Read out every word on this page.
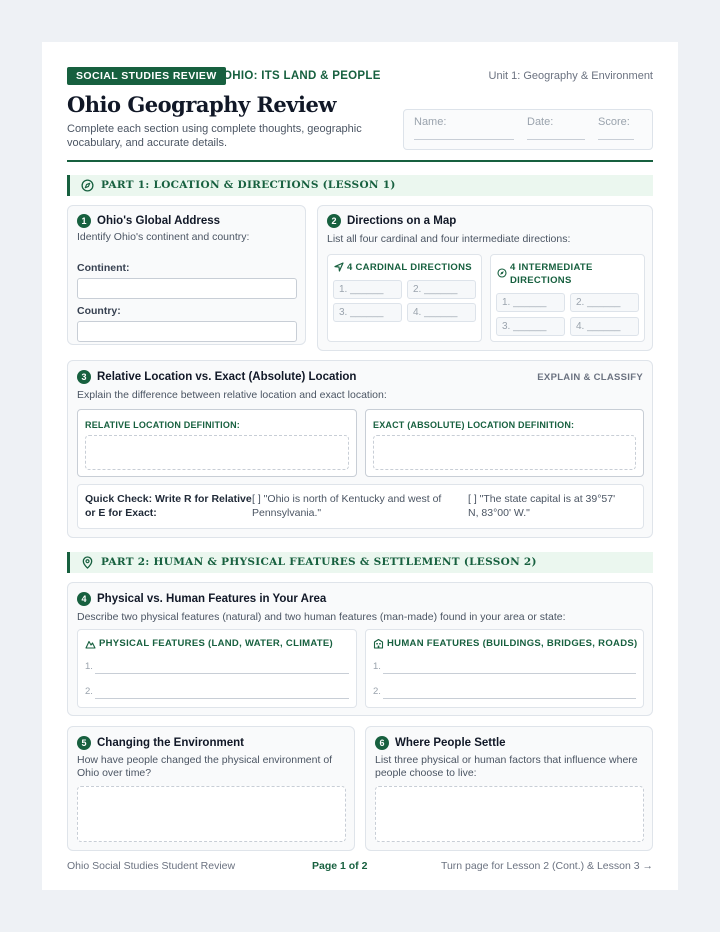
SOCIAL STUDIES REVIEW OHIO: ITS LAND & PEOPLE	Unit 1: Geography & Environment
Ohio Geography Review
Complete each section using complete thoughts, geographic vocabulary, and accurate details.
Name:	Date:	Score:
PART 1: LOCATION & DIRECTIONS (LESSON 1)
1 Ohio's Global Address
Identify Ohio's continent and country:
Continent:
Country:
2 Directions on a Map
List all four cardinal and four intermediate directions:
4 CARDINAL DIRECTIONS
1. ______	2. ______
3. ______	4. ______
4 INTERMEDIATE
DIRECTIONS
1. ______	2. ______
3. ______	4. ______
3 Relative Location vs. Exact (Absolute) Location	EXPLAIN & CLASSIFY
Explain the difference between relative location and exact location:
RELATIVE LOCATION DEFINITION:	EXACT (ABSOLUTE) LOCATION DEFINITION:
Quick Check: Write R for Relative or E for Exact:
[ ] "Ohio is north of Kentucky and west of
Pennsylvania."
[ ] "The state capital is at 39°57'
N, 83°00' W."
PART 2: HUMAN & PHYSICAL FEATURES & SETTLEMENT (LESSON 2)
4 Physical vs. Human Features in Your Area
Describe two physical features (natural) and two human features (man-made) found in your area or state:
PHYSICAL FEATURES (LAND, WATER, CLIMATE)
1.
2.
HUMAN FEATURES (BUILDINGS, BRIDGES, ROADS)
1.
2.
5 Changing the Environment
How have people changed the physical environment of Ohio over time?
6 Where People Settle
List three physical or human factors that influence where people choose to live:
Ohio Social Studies Student Review	Page 1 of 2	Turn page for Lesson 2 (Cont.) & Lesson 3 →
